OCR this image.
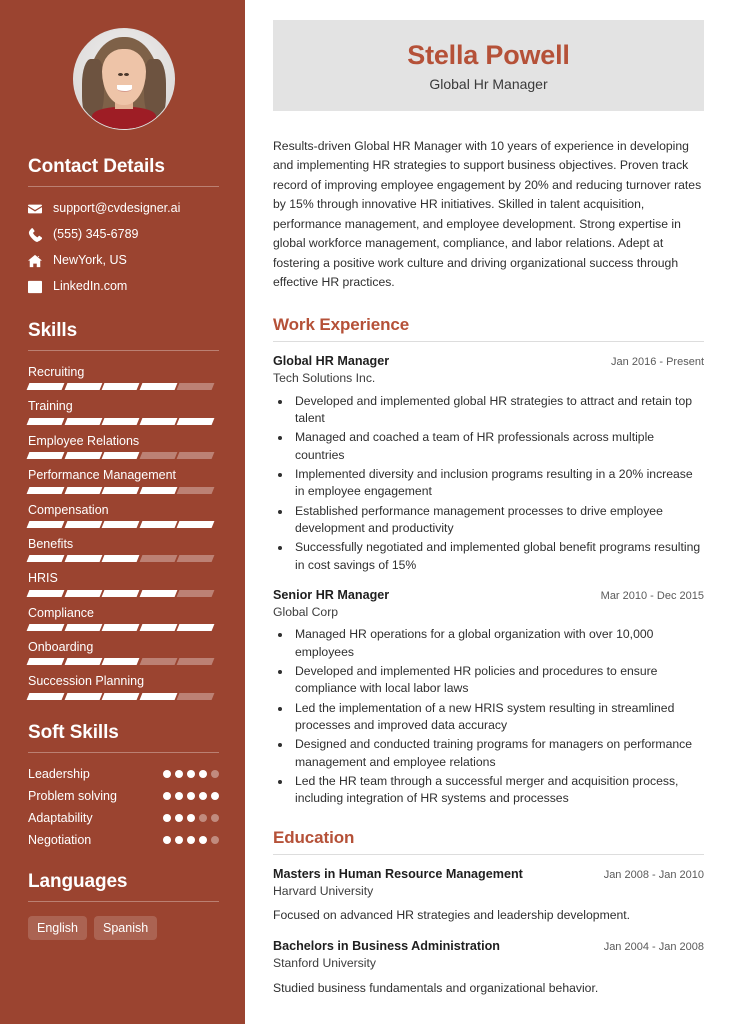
Contact Details
support@cvdesigner.ai
(555) 345-6789
NewYork, US
LinkedIn.com
Skills
Recruiting
Training
Employee Relations
Performance Management
Compensation
Benefits
HRIS
Compliance
Onboarding
Succession Planning
Soft Skills
Leadership
Problem solving
Adaptability
Negotiation
Languages
English	Spanish
Stella Powell
Global Hr Manager

Results-driven Global HR Manager with 10 years of experience in developing and implementing HR strategies to support business objectives. Proven track record of improving employee engagement by 20% and reducing turnover rates by 15% through innovative HR initiatives. Skilled in talent acquisition, performance management, and employee development. Strong expertise in global workforce management, compliance, and labor relations. Adept at fostering a positive work culture and driving organizational success through effective HR practices.

Work Experience
Global HR Manager	Jan 2016 - Present
Tech Solutions Inc.
• Developed and implemented global HR strategies to attract and retain top talent
• Managed and coached a team of HR professionals across multiple countries
• Implemented diversity and inclusion programs resulting in a 20% increase in employee engagement
• Established performance management processes to drive employee development and productivity
• Successfully negotiated and implemented global benefit programs resulting in cost savings of 15%
Senior HR Manager	Mar 2010 - Dec 2015
Global Corp
• Managed HR operations for a global organization with over 10,000 employees
• Developed and implemented HR policies and procedures to ensure compliance with local labor laws
• Led the implementation of a new HRIS system resulting in streamlined processes and improved data accuracy
• Designed and conducted training programs for managers on performance management and employee relations
• Led the HR team through a successful merger and acquisition process, including integration of HR systems and processes
Education
Masters in Human Resource Management	Jan 2008 - Jan 2010
Harvard University
Focused on advanced HR strategies and leadership development.
Bachelors in Business Administration	Jan 2004 - Jan 2008
Stanford University
Studied business fundamentals and organizational behavior.
